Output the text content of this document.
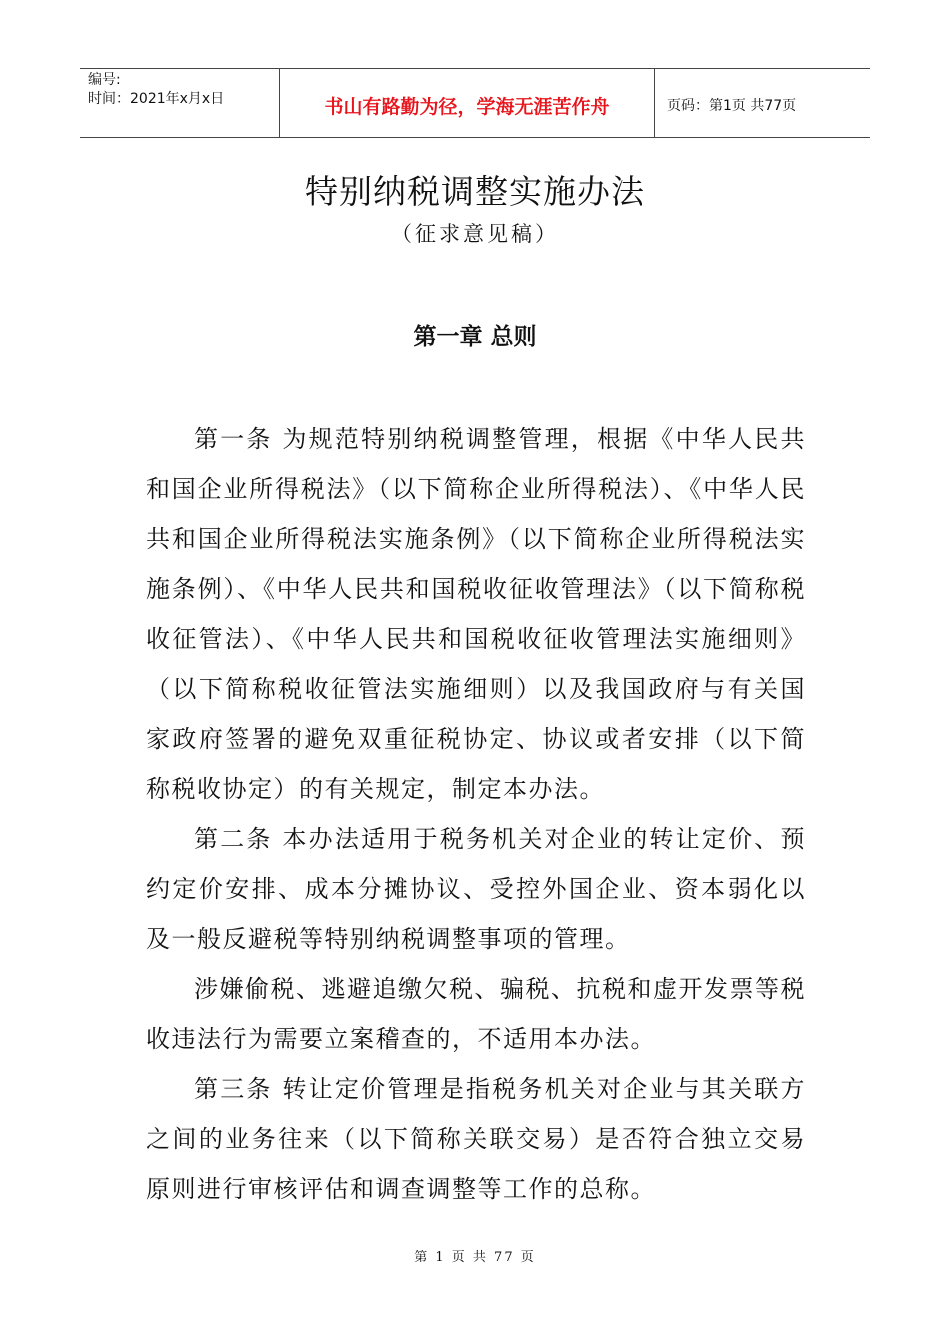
编号:
时间：2021年x月x日	书山有路勤为径，学海无涯苦作舟	页码：第1页 共77页
特别纳税调整实施办法
（征求意见稿）
第一章 总则

第一条 为规范特别纳税调整管理，根据《中华人民共和国企业所得税法》（以下简称企业所得税法）、《中华人民共和国企业所得税法实施条例》（以下简称企业所得税法实施条例）、《中华人民共和国税收征收管理法》（以下简称税收征管法）、《中华人民共和国税收征收管理法实施细则》（以下简称税收征管法实施细则）以及我国政府与有关国家政府签署的避免双重征税协定、协议或者安排（以下简称税收协定）的有关规定，制定本办法。

第二条 本办法适用于税务机关对企业的转让定价、预约定价安排、成本分摊协议、受控外国企业、资本弱化以及一般反避税等特别纳税调整事项的管理。

涉嫌偷税、逃避追缴欠税、骗税、抗税和虚开发票等税收违法行为需要立案稽查的，不适用本办法。

第三条 转让定价管理是指税务机关对企业与其关联方之间的业务往来（以下简称关联交易）是否符合独立交易原则进行审核评估和调查调整等工作的总称。

第 1 页 共 77 页
